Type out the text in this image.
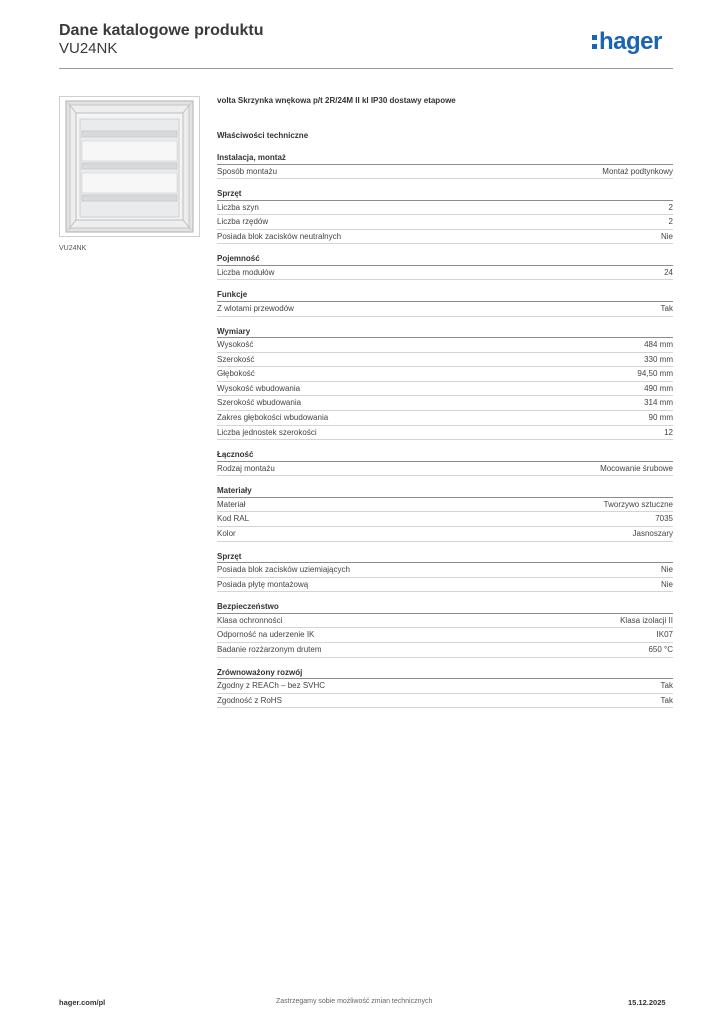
Dane katalogowe produktu
VU24NK	hager
VU24NK
volta Skrzynka wnękowa p/t 2R/24M II kl IP30 dostawy etapowe
Właściwości techniczne
Instalacja, montaż
Sposób montażu	Montaż podtynkowy
Sprzęt
Liczba szyn	2
Liczba rzędów	2
Posiada blok zacisków neutralnych	Nie
Pojemność
Liczba modułów	24
Funkcje
Z wlotami przewodów	Tak
Wymiary
Wysokość	484 mm
Szerokość	330 mm
Głębokość	94,50 mm
Wysokość wbudowania	490 mm
Szerokość wbudowania	314 mm
Zakres głębokości wbudowania	90 mm
Liczba jednostek szerokości	12
Łączność
Rodzaj montażu	Mocowanie śrubowe
Materiały
Materiał	Tworzywo sztuczne
Kod RAL	7035
Kolor	Jasnoszary
Sprzęt
Posiada blok zacisków uziemiających	Nie
Posiada płytę montażową	Nie
Bezpieczeństwo
Klasa ochronności	Klasa izolacji II
Odporność na uderzenie IK	IK07
Badanie rozżarzonym drutem	650 °C
Zrównoważony rozwój
Zgodny z REACh – bez SVHC	Tak
Zgodność z RoHS	Tak
hager.com/pl	Zastrzegamy sobie możliwość zmian technicznych	15.12.2025
